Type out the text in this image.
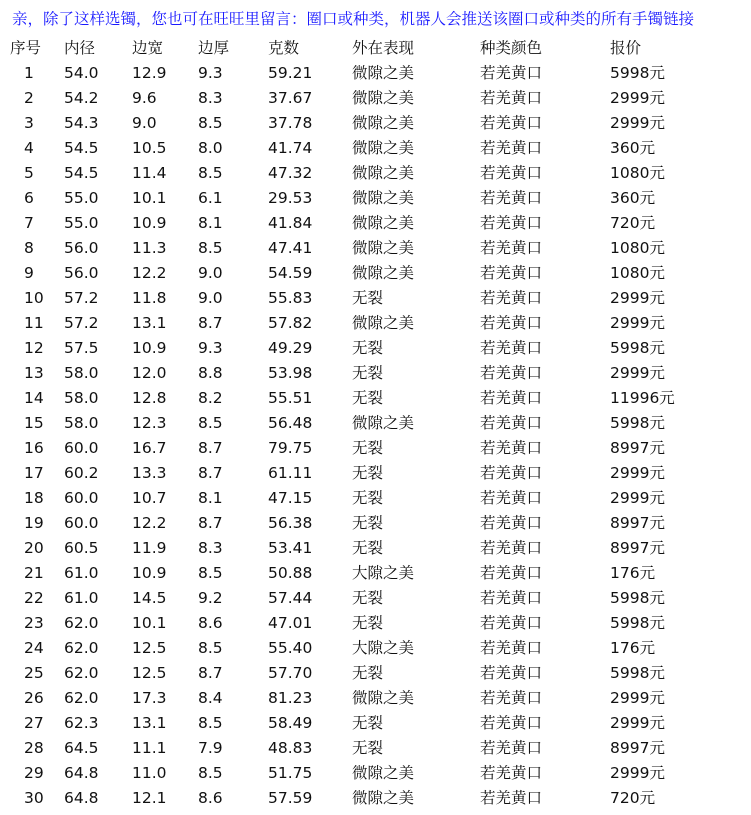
亲，除了这样选镯，您也可在旺旺里留言：圈口或种类，机器人会推送该圈口或种类的所有手镯链接
序号 内径 边宽 边厚	克数	外在表现	种类颜色	报价
1 54.0 12.9 9.3	59.21	微隙之美	若羌黄口	5998元
2 54.2 9.6	8.3	37.67	微隙之美	若羌黄口	2999元
3 54.3 9.0	8.5	37.78	微隙之美	若羌黄口	2999元
4 54.5 10.5 8.0	41.74	微隙之美	若羌黄口	360元
5 54.5 11.4 8.5	47.32	微隙之美	若羌黄口	1080元
6 55.0 10.1 6.1	29.53	微隙之美	若羌黄口	360元
7 55.0 10.9 8.1	41.84	微隙之美	若羌黄口	720元
8 56.0 11.3 8.5	47.41	微隙之美	若羌黄口	1080元
9 56.0 12.2 9.0	54.59	微隙之美	若羌黄口	1080元
10 57.2 11.8 9.0	55.83	无裂	若羌黄口	2999元
11 57.2 13.1 8.7	57.82	微隙之美	若羌黄口	2999元
12 57.5 10.9 9.3	49.29	无裂	若羌黄口	5998元
13 58.0 12.0 8.8	53.98	无裂	若羌黄口	2999元
14 58.0 12.8 8.2	55.51	无裂	若羌黄口	11996元
15 58.0 12.3 8.5	56.48	微隙之美	若羌黄口	5998元
16 60.0 16.7 8.7	79.75	无裂	若羌黄口	8997元
17 60.2 13.3 8.7	61.11	无裂	若羌黄口	2999元
18 60.0 10.7 8.1	47.15	无裂	若羌黄口	2999元
19 60.0 12.2 8.7	56.38	无裂	若羌黄口	8997元
20 60.5 11.9 8.3	53.41	无裂	若羌黄口	8997元
21 61.0 10.9 8.5	50.88	大隙之美	若羌黄口	176元
22 61.0 14.5 9.2	57.44	无裂	若羌黄口	5998元
23 62.0 10.1 8.6	47.01	无裂	若羌黄口	5998元
24 62.0 12.5 8.5	55.40	大隙之美	若羌黄口	176元
25 62.0 12.5 8.7	57.70	无裂	若羌黄口	5998元
26 62.0 17.3 8.4	81.23	微隙之美	若羌黄口	2999元
27 62.3 13.1 8.5	58.49	无裂	若羌黄口	2999元
28 64.5 11.1 7.9	48.83	无裂	若羌黄口	8997元
29 64.8 11.0 8.5	51.75	微隙之美	若羌黄口	2999元
30 64.8 12.1 8.6	57.59	微隙之美	若羌黄口	720元
